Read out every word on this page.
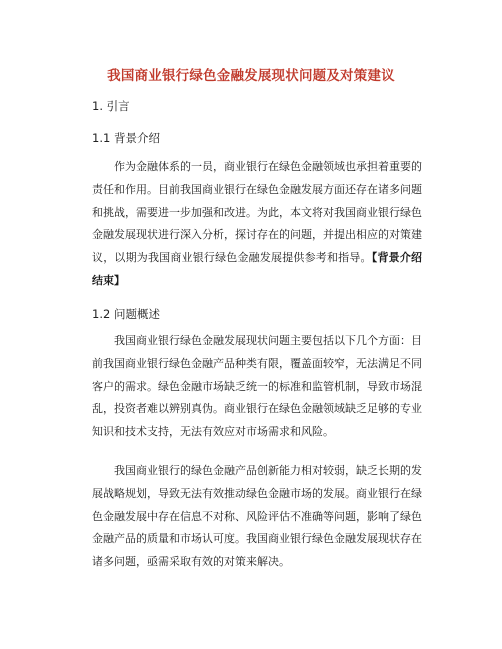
我国商业银行绿色金融发展现状问题及对策建议
1. 引言
1.1 背景介绍
作为金融体系的一员，商业银行在绿色金融领域也承担着重要的责任和作用。目前我国商业银行在绿色金融发展方面还存在诸多问题和挑战，需要进一步加强和改进。为此，本文将对我国商业银行绿色金融发展现状进行深入分析，探讨存在的问题，并提出相应的对策建议，以期为我国商业银行绿色金融发展提供参考和指导。【背景介绍结束】
1.2 问题概述
我国商业银行绿色金融发展现状问题主要包括以下几个方面：目前我国商业银行绿色金融产品种类有限，覆盖面较窄，无法满足不同客户的需求。绿色金融市场缺乏统一的标准和监管机制，导致市场混乱，投资者难以辨别真伪。商业银行在绿色金融领域缺乏足够的专业知识和技术支持，无法有效应对市场需求和风险。
我国商业银行的绿色金融产品创新能力相对较弱，缺乏长期的发展战略规划，导致无法有效推动绿色金融市场的发展。商业银行在绿色金融发展中存在信息不对称、风险评估不准确等问题，影响了绿色金融产品的质量和市场认可度。我国商业银行绿色金融发展现状存在诸多问题，亟需采取有效的对策来解决。
